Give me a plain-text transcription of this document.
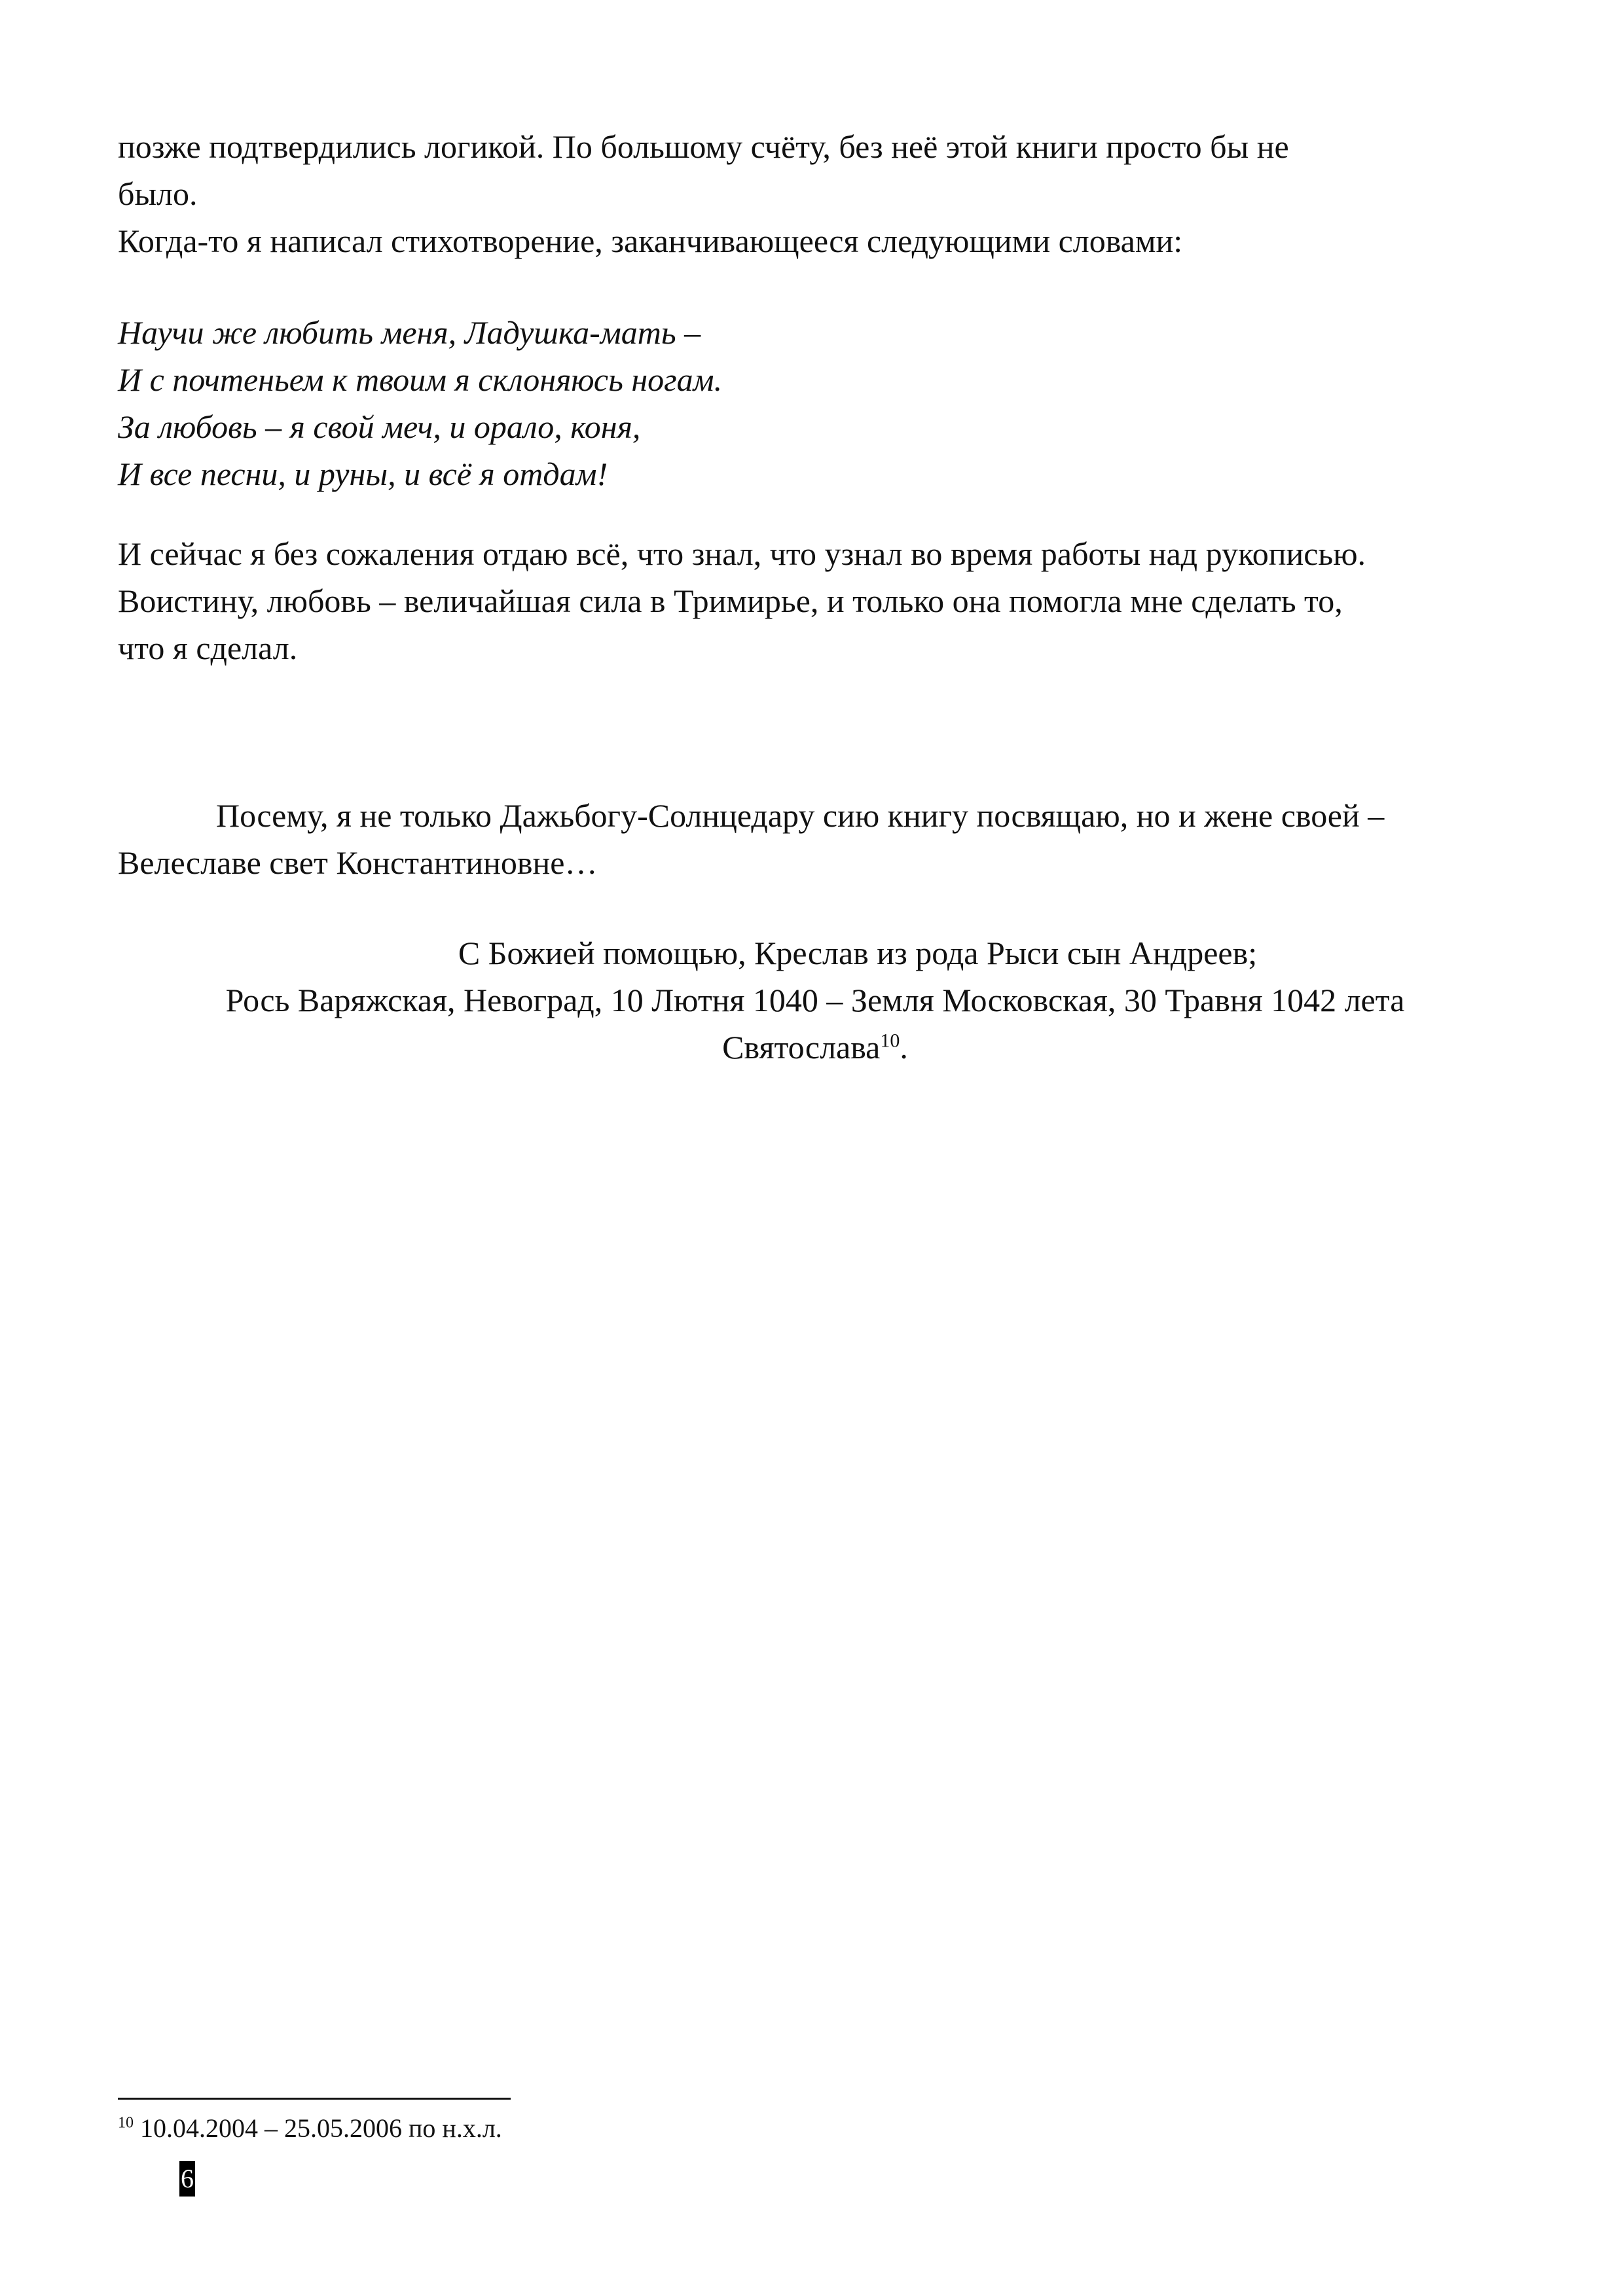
позже подтвердились логикой. По большому счёту, без неё этой книги просто бы не
было.
Когда-то я написал стихотворение, заканчивающееся следующими словами:
Научи же любить меня, Ладушка-мать –
И с почтеньем к твоим я склоняюсь ногам.
За любовь – я свой меч, и орало, коня,
И все песни, и руны, и всё я отдам!
И сейчас я без сожаления отдаю всё, что знал, что узнал во время работы над рукописью.
Воистину, любовь – величайшая сила в Тримирье, и только она помогла мне сделать то,
что я сделал.
Посему, я не только Дажьбогу-Солнцедару сию книгу посвящаю, но и жене своей –
Велеславе свет Константиновне…
С Божией помощью, Креслав из рода Рыси сын Андреев;
Рось Варяжская, Невоград, 10 Лютня 1040 – Земля Московская, 30 Травня 1042 лета
Святослава$^{10}$.
$^{10}$ 10.04.2004 – 25.05.2006 по н.х.л.
6
